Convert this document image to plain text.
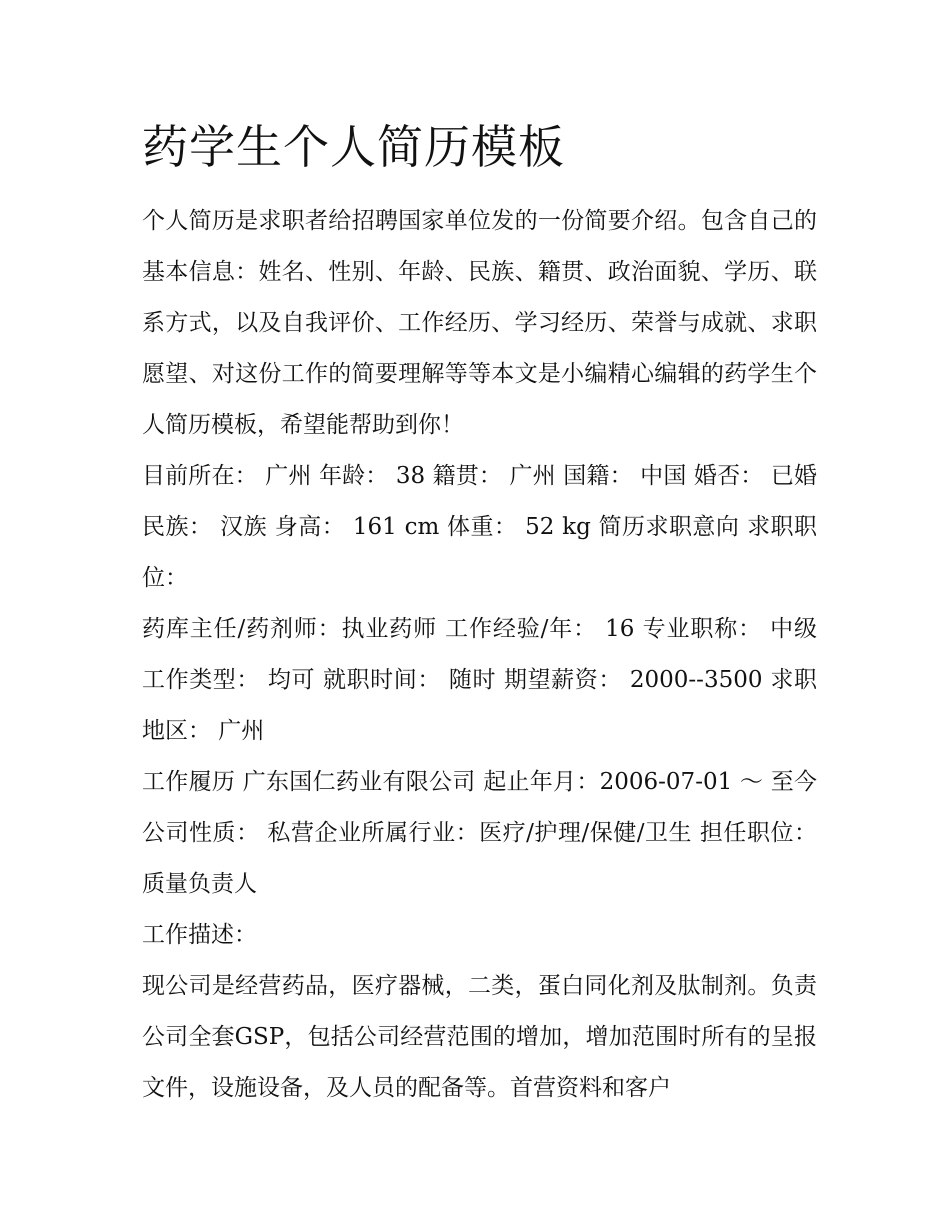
药学生个人简历模板

个人简历是求职者给招聘国家单位发的一份简要介绍。包含自己的基本信息：姓名、性别、年龄、民族、籍贯、政治面貌、学历、联系方式，以及自我评价、工作经历、学习经历、荣誉与成就、求职愿望、对这份工作的简要理解等等本文是小编精心编辑的药学生个人简历模板，希望能帮助到你！

目前所在： 广州 年龄： 38 籍贯： 广州 国籍： 中国 婚否： 已婚 民族： 汉族 身高： 161 cm 体重： 52 kg 简历求职意向 求职职位：

药库主任/药剂师：执业药师 工作经验/年： 16 专业职称： 中级 工作类型： 均可 就职时间： 随时 期望薪资： 2000--3500 求职地区： 广州

工作履历 广东国仁药业有限公司 起止年月：2006-07-01 ～ 至今 公司性质： 私营企业所属行业：医疗/护理/保健/卫生 担任职位： 质量负责人

工作描述：

现公司是经营药品，医疗器械，二类，蛋白同化剂及肽制剂。负责公司全套GSP，包括公司经营范围的增加，增加范围时所有的呈报文件，设施设备，及人员的配备等。首营资料和客户
